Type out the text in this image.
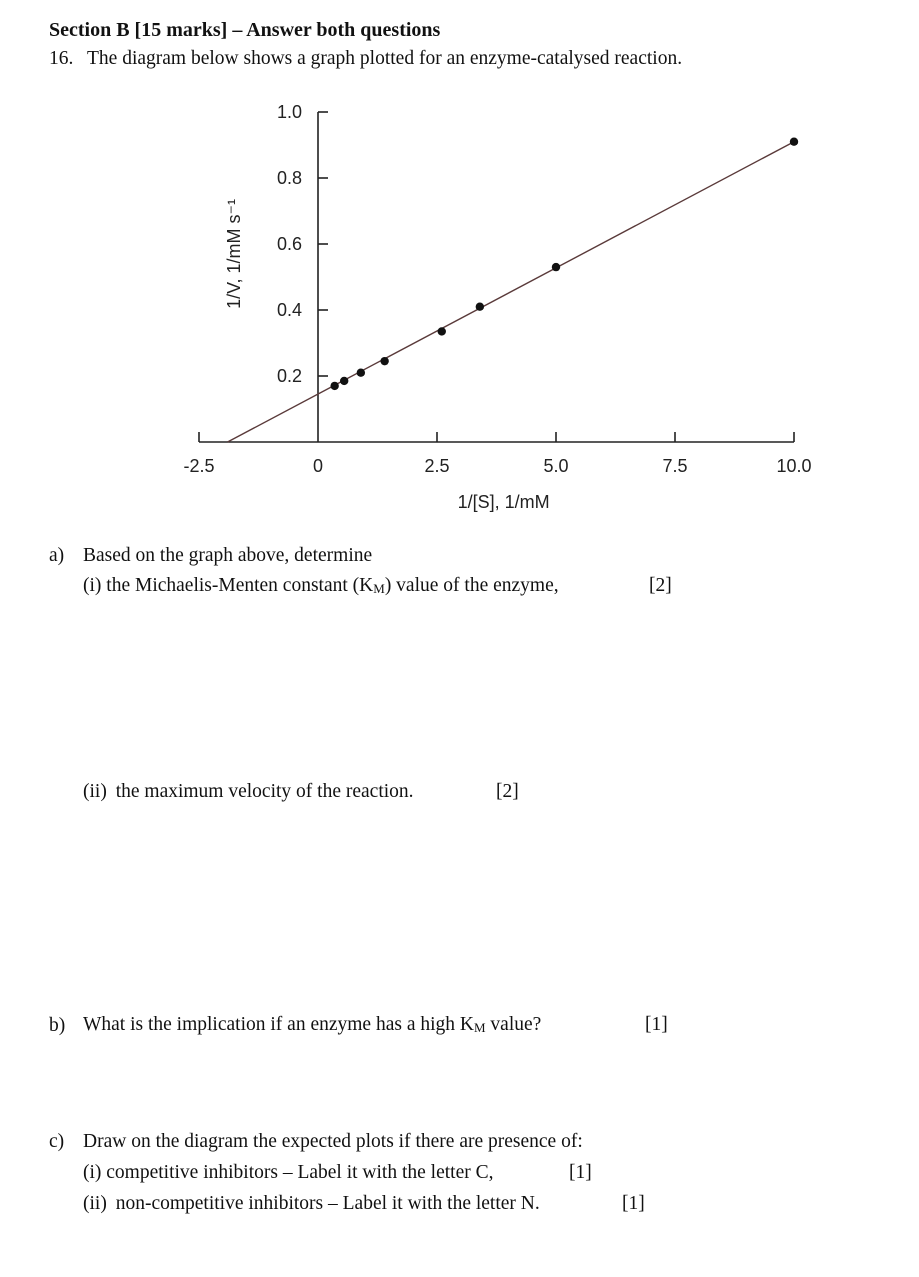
Section B [15 marks] – Answer both questions
16. The diagram below shows a graph plotted for an enzyme-catalysed reaction.
-2.5	0	2.5	5.0	7.5	10.0
0.2
0.4
0.6
0.8
1.0
1/[S], 1/mM
1/V, 1/mM s⁻¹
a) Based on the graph above, determine
(i) the Michaelis-Menten constant $(K_M)$ value of the enzyme,	[2]
(ii) the maximum velocity of the reaction.	[2]
b) What is the implication if an enzyme has a high $K_M$ value?	[1]
c) Draw on the diagram the expected plots if there are presence of:
(i) competitive inhibitors – Label it with the letter C,	[1]
(ii) non-competitive inhibitors – Label it with the letter N.	[1]
